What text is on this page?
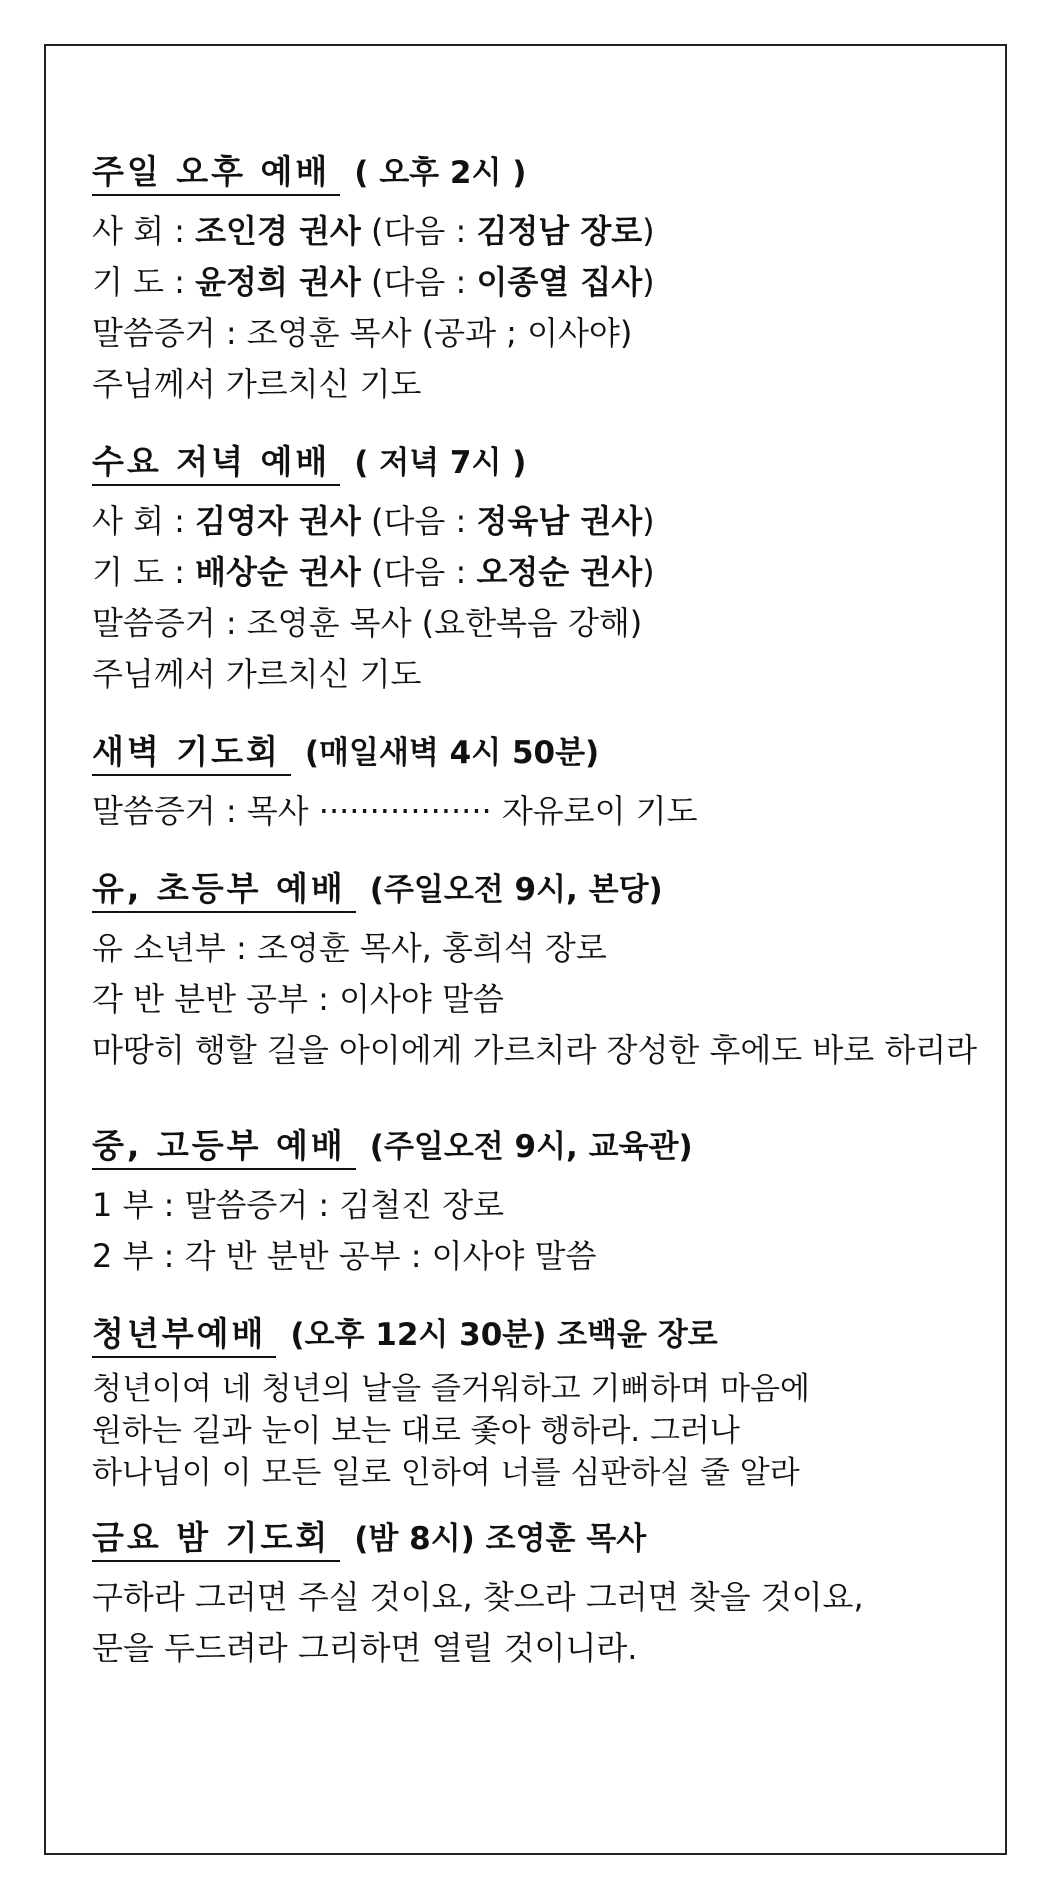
주일 오후 예배 ( 오후 2시 )
사 회 : 조인경 권사 (다음 : 김정남 장로)
기 도 : 윤정희 권사 (다음 : 이종열 집사)
말씀증거 : 조영훈 목사 (공과 ; 이사야)
주님께서 가르치신 기도
수요 저녁 예배 ( 저녁 7시 )
사 회 : 김영자 권사 (다음 : 정육남 권사)
기 도 : 배상순 권사 (다음 : 오정순 권사)
말씀증거 : 조영훈 목사 (요한복음 강해)
주님께서 가르치신 기도
새벽 기도회 (매일새벽 4시 50분)
말씀증거 : 목사 ················· 자유로이 기도
유, 초등부 예배 (주일오전 9시, 본당)
유 소년부 : 조영훈 목사, 홍희석 장로
각 반 분반 공부 : 이사야 말씀
마땅히 행할 길을 아이에게 가르치라 장성한 후에도 바로 하리라
중, 고등부 예배 (주일오전 9시, 교육관)
1 부 : 말씀증거 : 김철진 장로
2 부 : 각 반 분반 공부 : 이사야 말씀
청년부예배 (오후 12시 30분) 조백윤 장로
청년이여 네 청년의 날을 즐거워하고 기뻐하며 마음에
원하는 길과 눈이 보는 대로 좇아 행하라. 그러나
하나님이 이 모든 일로 인하여 너를 심판하실 줄 알라
금요 밤 기도회 (밤 8시) 조영훈 목사
구하라 그러면 주실 것이요, 찾으라 그러면 찾을 것이요,
문을 두드려라 그리하면 열릴 것이니라.
